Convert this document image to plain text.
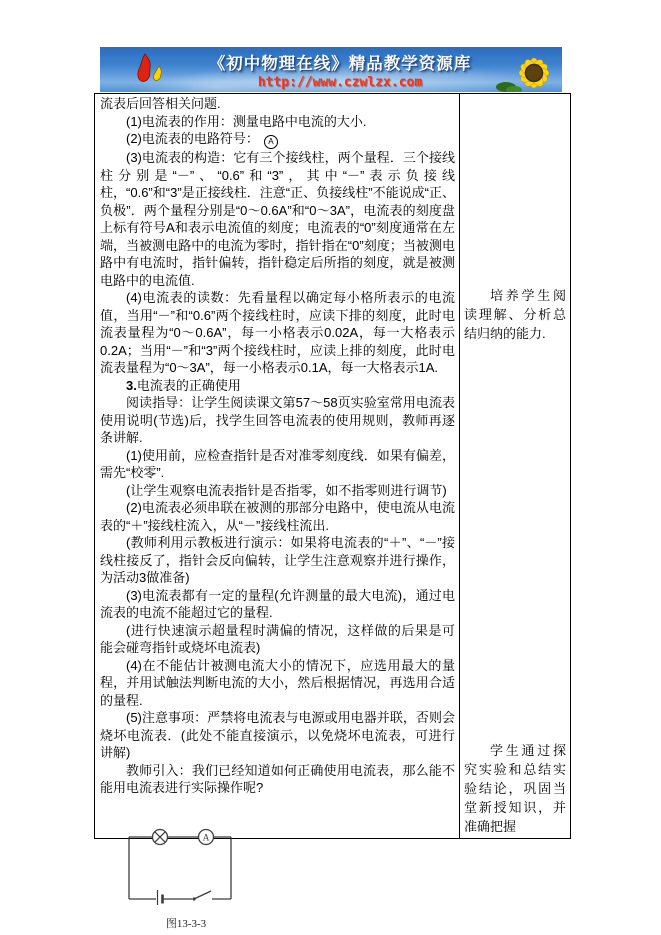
《初中物理在线》精品教学资源库
http://www.czwlzx.com

流表后回答相关问题.

(1)电流表的作用：测量电路中电流的大小.

(2)电流表的电路符号： A

(3)电流表的构造：它有三个接线柱，两个量程．三个接线柱分别是“－”、“0.6”和“3”，其中“－”表示负接线柱，“0.6”和“3”是正接线柱．注意“正、负接线柱”不能说成“正、负极”．两个量程分别是“0～0.6A”和“0～3A”，电流表的刻度盘上标有符号A和表示电流值的刻度；电流表的“0”刻度通常在左端，当被测电路中的电流为零时，指针指在“0”刻度；当被测电路中有电流时，指针偏转，指针稳定后所指的刻度，就是被测电路中的电流值.

(4)电流表的读数：先看量程以确定每小格所表示的电流值，当用“－”和“0.6”两个接线柱时，应读下排的刻度，此时电流表量程为“0～0.6A”，每一小格表示0.02A，每一大格表示0.2A；当用“－”和“3”两个接线柱时，应读上排的刻度，此时电流表量程为“0～3A”，每一小格表示0.1A，每一大格表示1A.

3.电流表的正确使用

阅读指导：让学生阅读课文第57～58页实验室常用电流表使用说明(节选)后，找学生回答电流表的使用规则，教师再逐条讲解.

(1)使用前，应检查指针是否对准零刻度线．如果有偏差，需先“校零”.

(让学生观察电流表指针是否指零，如不指零则进行调节)

(2)电流表必须串联在被测的那部分电路中，使电流从电流表的“＋”接线柱流入，从“－”接线柱流出.

(教师利用示教板进行演示：如果将电流表的“＋”、“－”接线柱接反了，指针会反向偏转，让学生注意观察并进行操作，为活动3做准备)

(3)电流表都有一定的量程(允许测量的最大电流)，通过电流表的电流不能超过它的量程.

(进行快速演示超量程时满偏的情况，这样做的后果是可能会碰弯指针或烧坏电流表)

(4)在不能估计被测电流大小的情况下，应选用最大的量程，并用试触法判断电流的大小，然后根据情况，再选用合适的量程.

(5)注意事项：严禁将电流表与电源或用电器并联，否则会烧坏电流表．(此处不能直接演示，以免烧坏电流表，可进行讲解)

教师引入：我们已经知道如何正确使用电流表，那么能不能用电流表进行实际操作呢?

A
图13-3-3

培养学生阅读理解、分析总结归纳的能力.

学生通过探究实验和总结实验结论，巩固当堂新授知识，并准确把握
